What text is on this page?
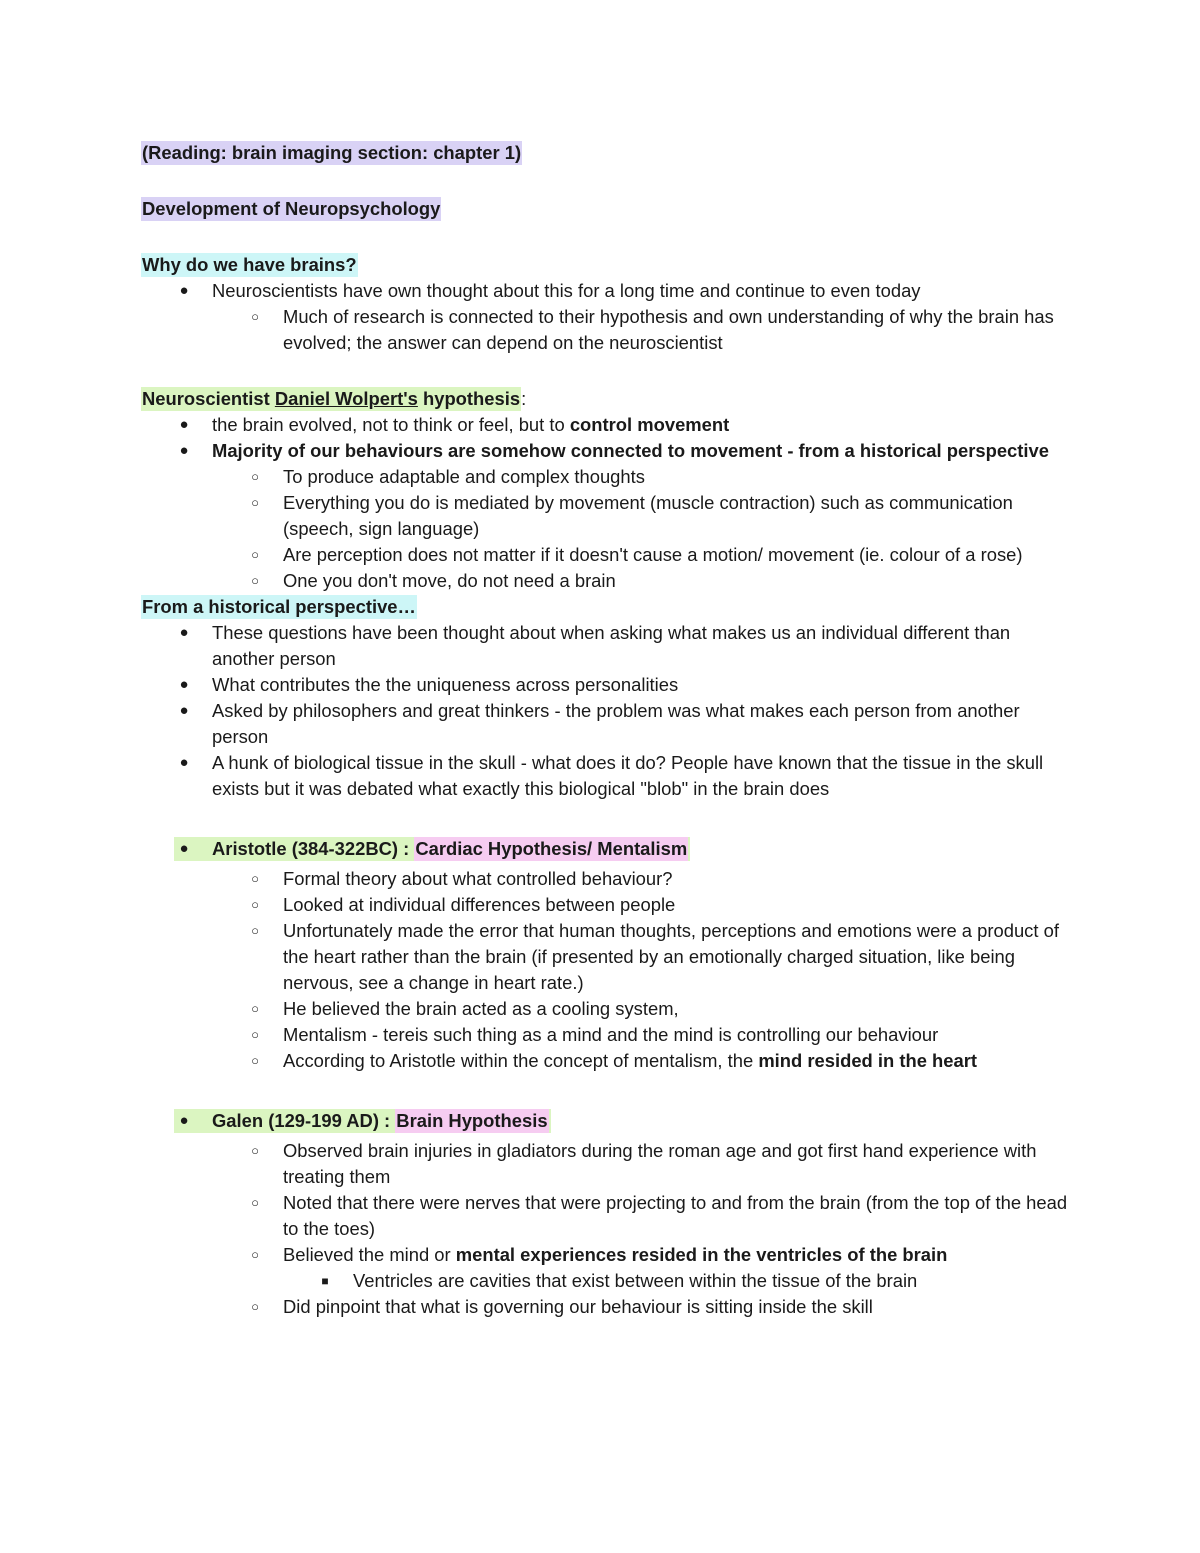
(Reading: brain imaging section: chapter 1)

Development of Neuropsychology

Why do we have brains?

● Neuroscientists have own thought about this for a long time and continue to even today
○	Much of research is connected to their hypothesis and own understanding of why the brain has evolved; the answer can depend on the neuroscientist

Neuroscientist Daniel Wolpert's hypothesis:

● the brain evolved, not to think or feel, but to control movement
● Majority of our behaviours are somehow connected to movement - from a historical perspective
○	To produce adaptable and complex thoughts
○	Everything you do is mediated by movement (muscle contraction) such as communication (speech, sign language)
○	Are perception does not matter if it doesn't cause a motion/ movement (ie. colour of a rose)
○	One you don't move, do not need a brain

From a historical perspective…

● These questions have been thought about when asking what makes us an individual different than another person
● What contributes the the uniqueness across personalities
● Asked by philosophers and great thinkers - the problem was what makes each person from another person
● A hunk of biological tissue in the skull - what does it do? People have known that the tissue in the skull exists but it was debated what exactly this biological "blob" in the brain does
● Aristotle (384-322BC) : Cardiac Hypothesis/ Mentalism
○	Formal theory about what controlled behaviour?
○	Looked at individual differences between people
○	Unfortunately made the error that human thoughts, perceptions and emotions were a product of the heart rather than the brain (if presented by an emotionally charged situation, like being nervous, see a change in heart rate.)
○	He believed the brain acted as a cooling system,
○	Mentalism - tereis such thing as a mind and the mind is controlling our behaviour
○	According to Aristotle within the concept of mentalism, the mind resided in the heart
● Galen (129-199 AD) : Brain Hypothesis
○	Observed brain injuries in gladiators during the roman age and got first hand experience with treating them
○	Noted that there were nerves that were projecting to and from the brain (from the top of the head to the toes)
○	Believed the mind or mental experiences resided in the ventricles of the brain
■	Ventricles are cavities that exist between within the tissue of the brain
○	Did pinpoint that what is governing our behaviour is sitting inside the skill
